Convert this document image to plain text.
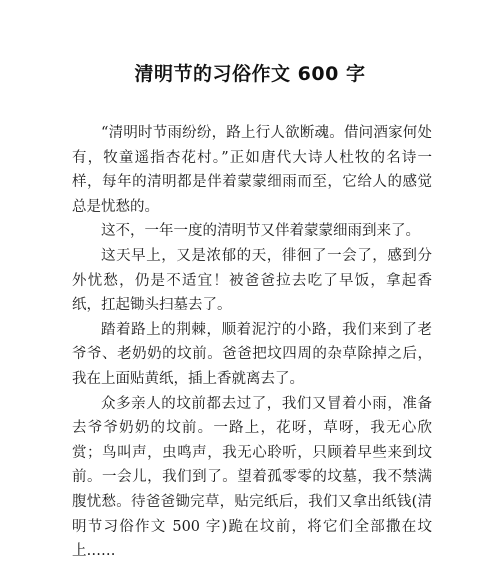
清明节的习俗作文 600 字

“清明时节雨纷纷，路上行人欲断魂。借问酒家何处有，牧童遥指杏花村。”正如唐代大诗人杜牧的名诗一样，每年的清明都是伴着蒙蒙细雨而至，它给人的感觉总是忧愁的。

这不，一年一度的清明节又伴着蒙蒙细雨到来了。

这天早上，又是浓郁的天，徘徊了一会了，感到分外忧愁，仍是不适宜！被爸爸拉去吃了早饭，拿起香纸，扛起锄头扫墓去了。

踏着路上的荆棘，顺着泥泞的小路，我们来到了老爷爷、老奶奶的坟前。爸爸把坟四周的杂草除掉之后，我在上面贴黄纸，插上香就离去了。

众多亲人的坟前都去过了，我们又冒着小雨，准备去爷爷奶奶的坟前。一路上，花呀，草呀，我无心欣赏；鸟叫声，虫鸣声，我无心聆听，只顾着早些来到坟前。一会儿，我们到了。望着孤零零的坟墓，我不禁满腹忧愁。待爸爸锄完草，贴完纸后，我们又拿出纸钱(清明节习俗作文 500 字)跪在坟前，将它们全部撒在坟上……
